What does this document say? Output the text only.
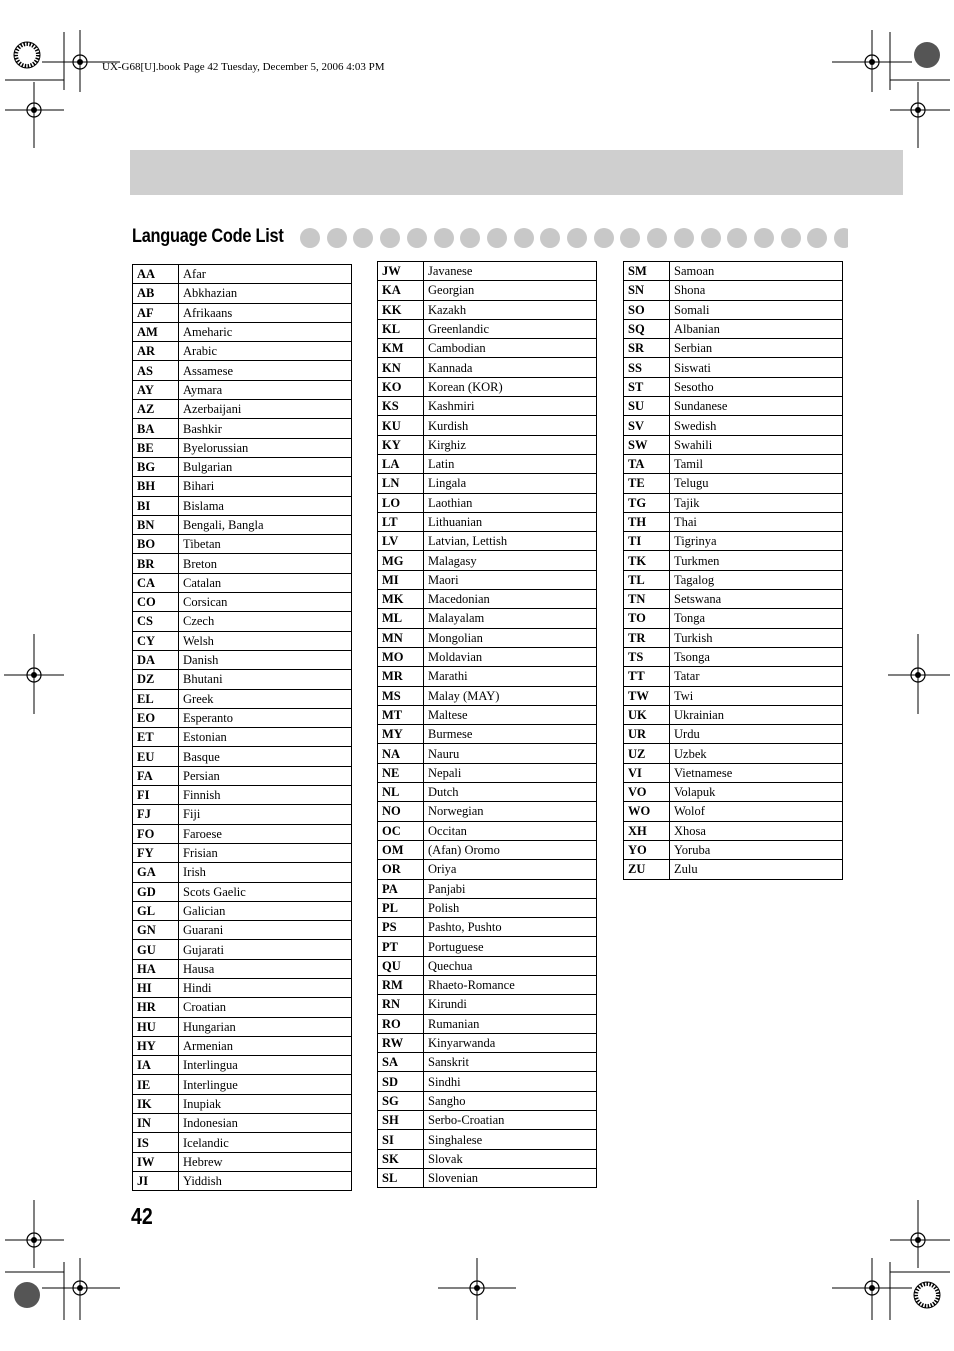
UX-G68[U].book Page 42 Tuesday, December 5, 2006 4:03 PM
Language Code List
AA	Afar
AB	Abkhazian
AF	Afrikaans
AM	Ameharic
AR	Arabic
AS	Assamese
AY	Aymara
AZ	Azerbaijani
BA	Bashkir
BE	Byelorussian
BG	Bulgarian
BH	Bihari
BI	Bislama
BN	Bengali, Bangla
BO	Tibetan
BR	Breton
CA	Catalan
CO	Corsican
CS	Czech
CY	Welsh
DA	Danish
DZ	Bhutani
EL	Greek
EO	Esperanto
ET	Estonian
EU	Basque
FA	Persian
FI	Finnish
FJ	Fiji
FO	Faroese
FY	Frisian
GA	Irish
GD	Scots Gaelic
GL	Galician
GN	Guarani
GU	Gujarati
HA	Hausa
HI	Hindi
HR	Croatian
HU	Hungarian
HY	Armenian
IA	Interlingua
IE	Interlingue
IK	Inupiak
IN	Indonesian
IS	Icelandic
IW	Hebrew
JI	Yiddish
JW	Javanese
KA	Georgian
KK	Kazakh
KL	Greenlandic
KM	Cambodian
KN	Kannada
KO	Korean (KOR)
KS	Kashmiri
KU	Kurdish
KY	Kirghiz
LA	Latin
LN	Lingala
LO	Laothian
LT	Lithuanian
LV	Latvian, Lettish
MG	Malagasy
MI	Maori
MK	Macedonian
ML	Malayalam
MN	Mongolian
MO	Moldavian
MR	Marathi
MS	Malay (MAY)
MT	Maltese
MY	Burmese
NA	Nauru
NE	Nepali
NL	Dutch
NO	Norwegian
OC	Occitan
OM	(Afan) Oromo
OR	Oriya
PA	Panjabi
PL	Polish
PS	Pashto, Pushto
PT	Portuguese
QU	Quechua
RM	Rhaeto-Romance
RN	Kirundi
RO	Rumanian
RW	Kinyarwanda
SA	Sanskrit
SD	Sindhi
SG	Sangho
SH	Serbo-Croatian
SI	Singhalese
SK	Slovak
SL	Slovenian
SM	Samoan
SN	Shona
SO	Somali
SQ	Albanian
SR	Serbian
SS	Siswati
ST	Sesotho
SU	Sundanese
SV	Swedish
SW	Swahili
TA	Tamil
TE	Telugu
TG	Tajik
TH	Thai
TI	Tigrinya
TK	Turkmen
TL	Tagalog
TN	Setswana
TO	Tonga
TR	Turkish
TS	Tsonga
TT	Tatar
TW	Twi
UK	Ukrainian
UR	Urdu
UZ	Uzbek
VI	Vietnamese
VO	Volapuk
WO	Wolof
XH	Xhosa
YO	Yoruba
ZU	Zulu
42
